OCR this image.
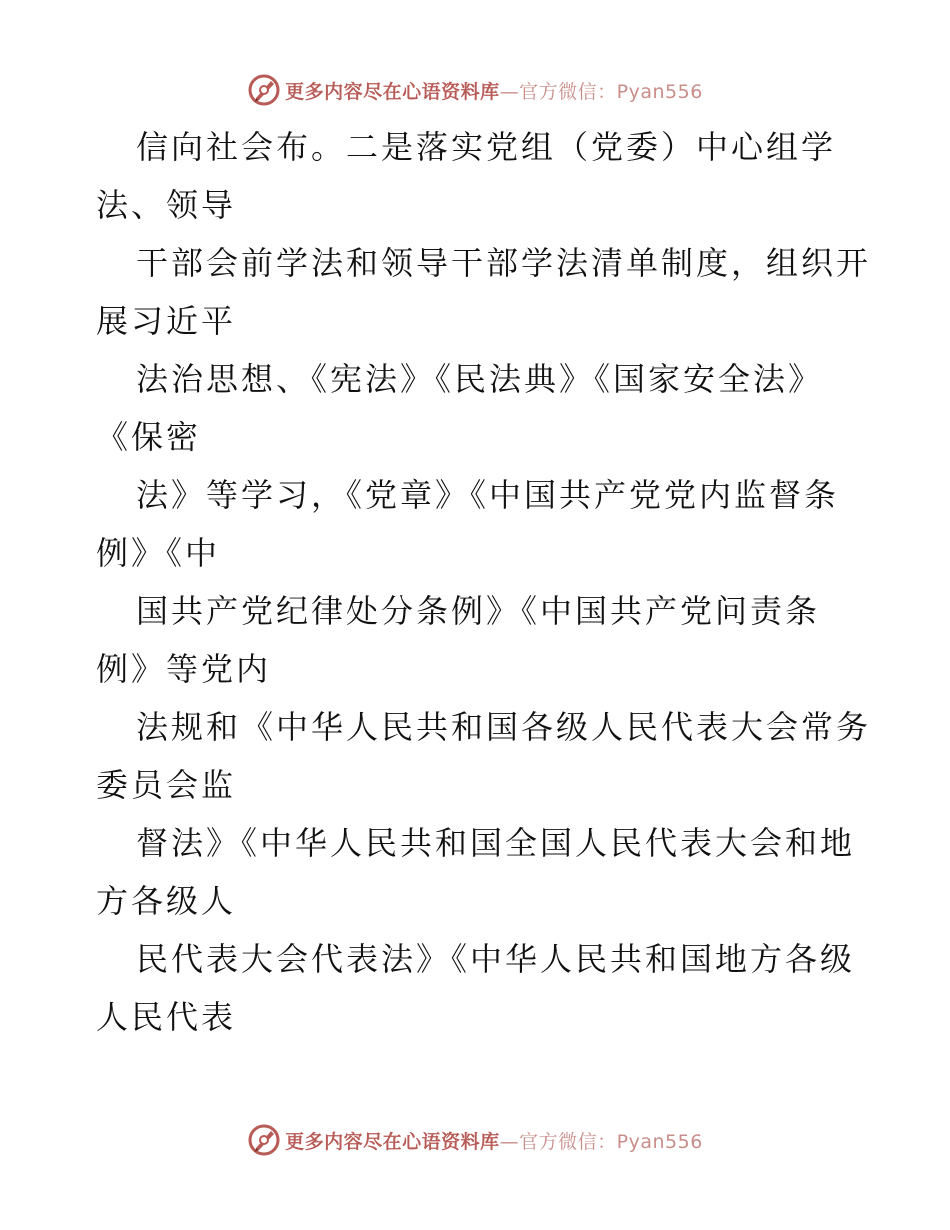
更多内容尽在心语资料库 —官方微信：Pyan556
信向社会布。二是落实党组（党委）中心组学
法、领导
干部会前学法和领导干部学法清单制度，组织开
展习近平
法治思想、《宪法》《民法典》《国家安全法》
《保密
法》等学习，《党章》《中国共产党党内监督条
例》《中
国共产党纪律处分条例》《中国共产党问责条
例》等党内
法规和《中华人民共和国各级人民代表大会常务
委员会监
督法》《中华人民共和国全国人民代表大会和地
方各级人
民代表大会代表法》《中华人民共和国地方各级
人民代表
更多内容尽在心语资料库 —官方微信：Pyan556
